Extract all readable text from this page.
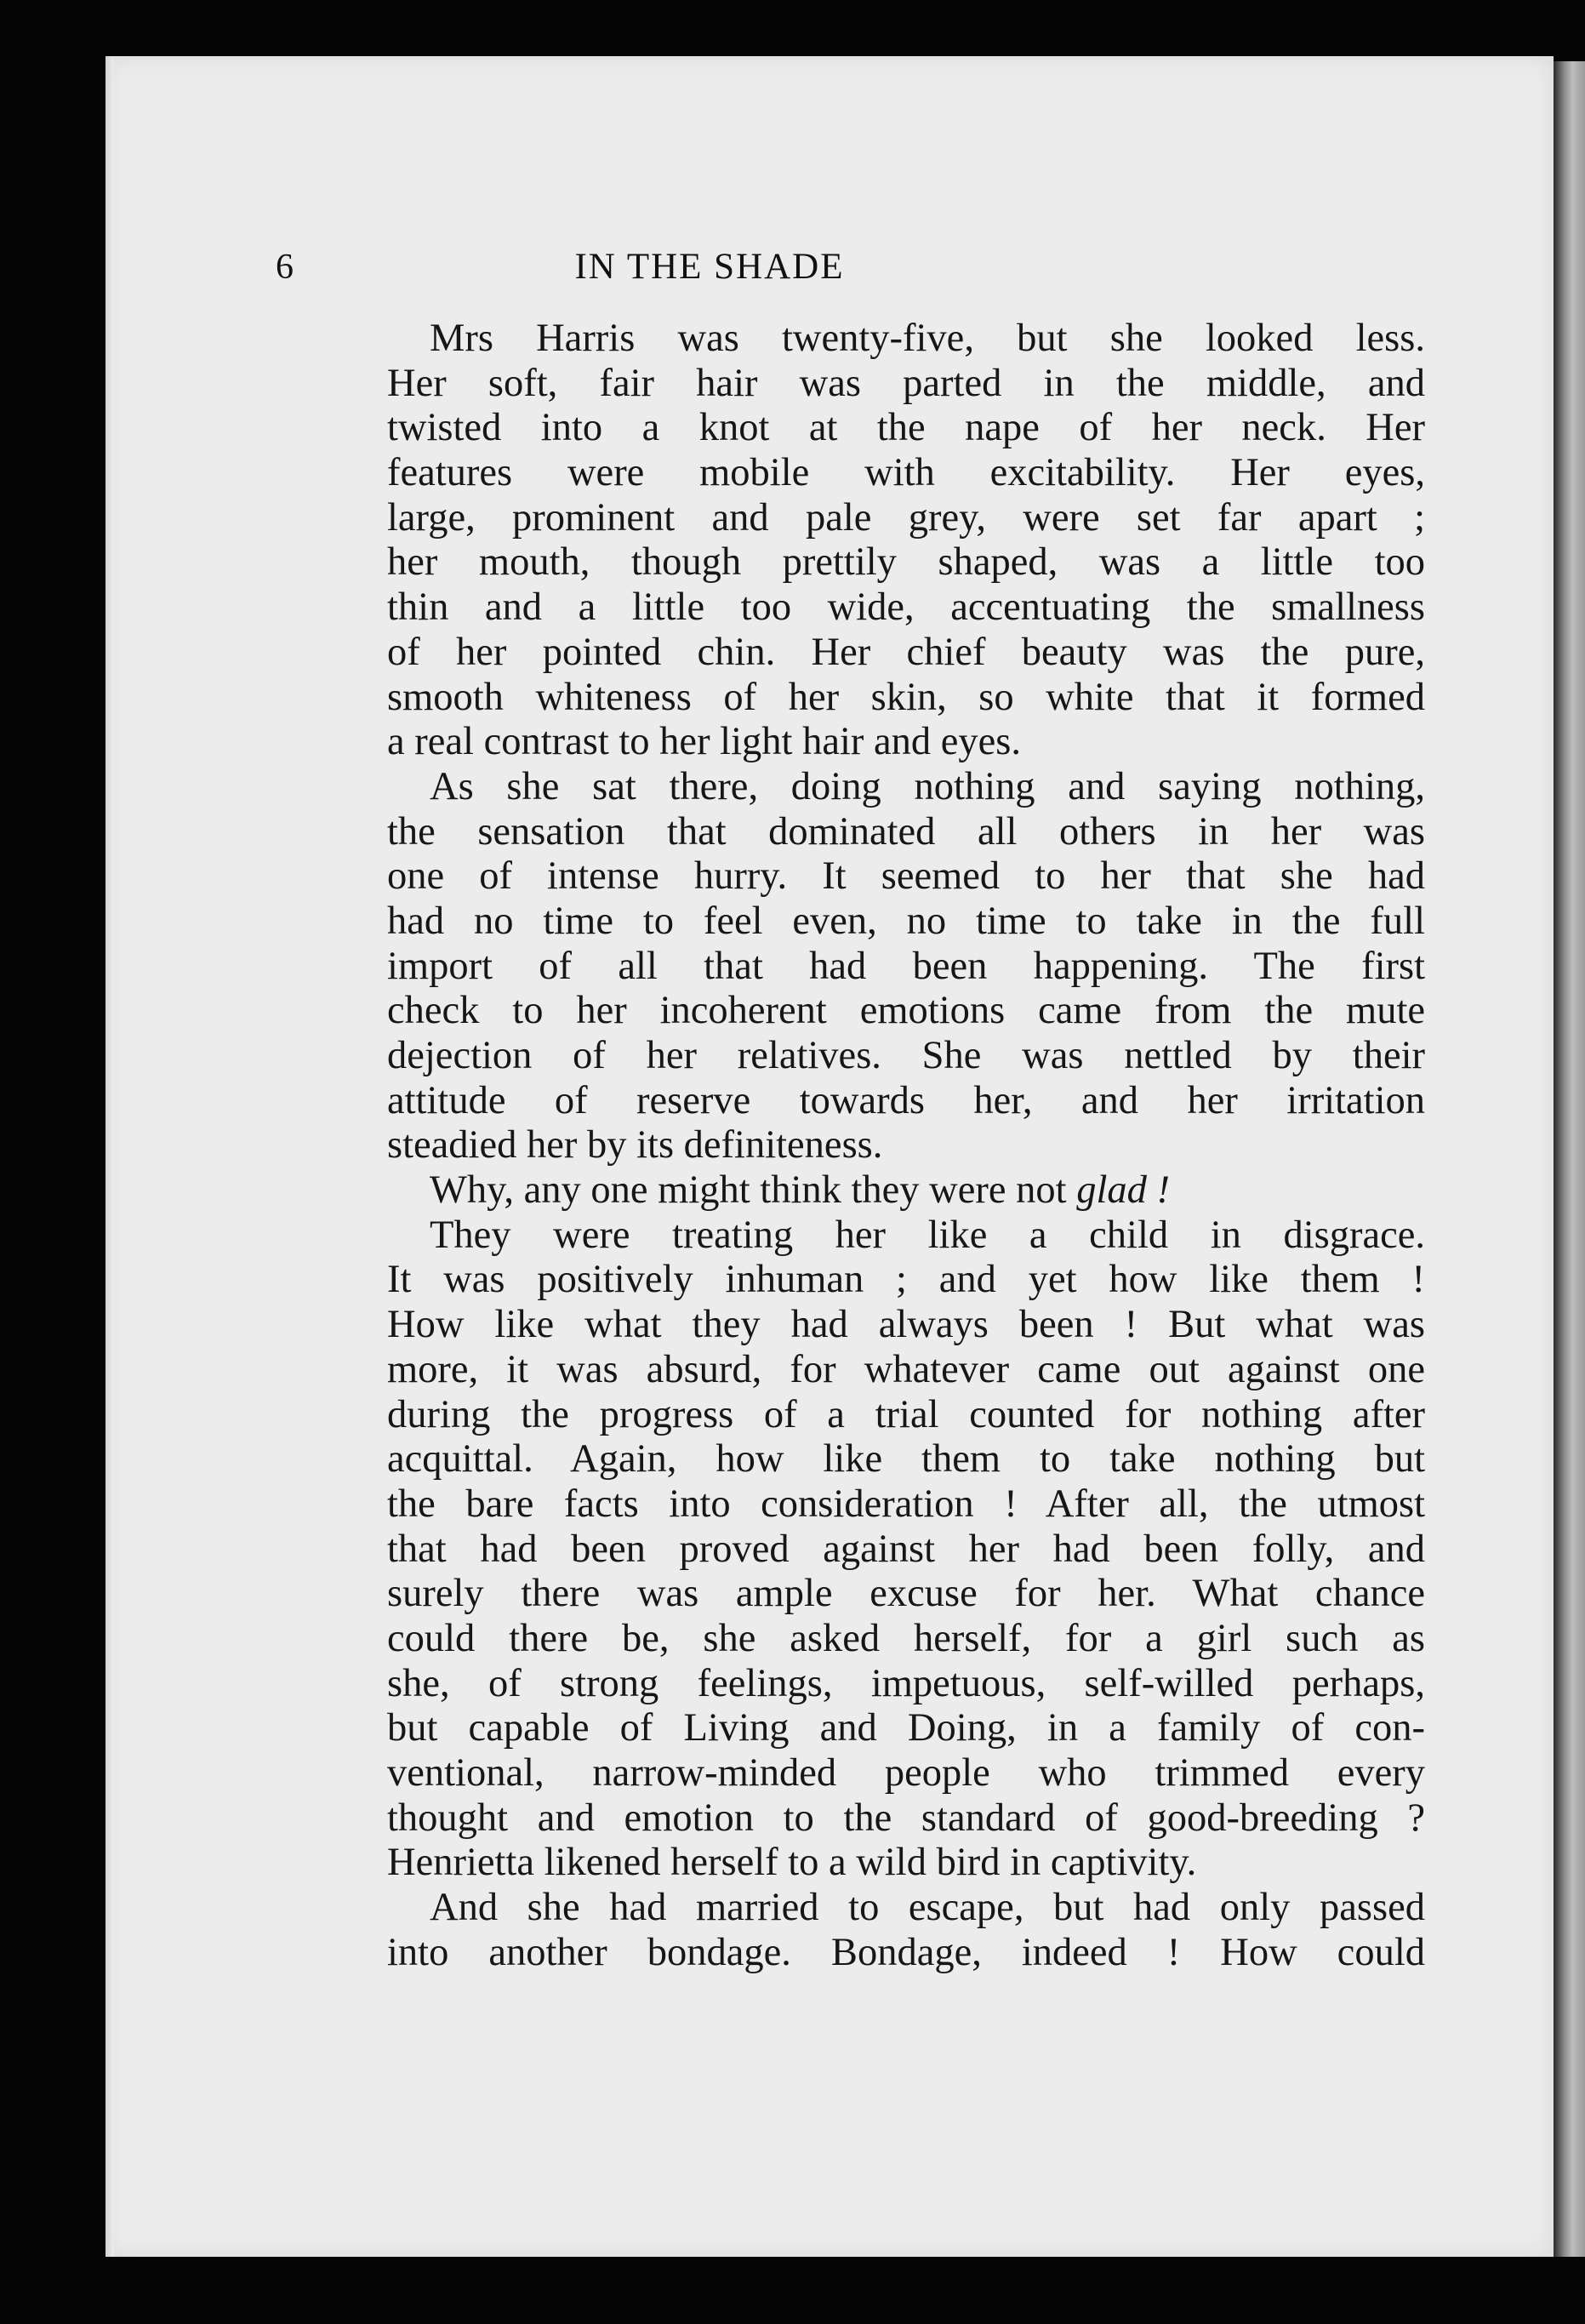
6	IN THE SHADE
Mrs Harris was twenty-five, but she looked less.
Her soft, fair hair was parted in the middle, and
twisted into a knot at the nape of her neck. Her
features were mobile with excitability. Her eyes,
large, prominent and pale grey, were set far apart ;
her mouth, though prettily shaped, was a little too
thin and a little too wide, accentuating the smallness
of her pointed chin. Her chief beauty was the pure,
smooth whiteness of her skin, so white that it formed
a real contrast to her light hair and eyes.
As she sat there, doing nothing and saying nothing,
the sensation that dominated all others in her was
one of intense hurry. It seemed to her that she had
had no time to feel even, no time to take in the full
import of all that had been happening. The first
check to her incoherent emotions came from the mute
dejection of her relatives. She was nettled by their
attitude of reserve towards her, and her irritation
steadied her by its definiteness.
Why, any one might think they were not glad !
They were treating her like a child in disgrace.
It was positively inhuman ; and yet how like them !
How like what they had always been ! But what was
more, it was absurd, for whatever came out against one
during the progress of a trial counted for nothing after
acquittal. Again, how like them to take nothing but
the bare facts into consideration ! After all, the utmost
that had been proved against her had been folly, and
surely there was ample excuse for her. What chance
could there be, she asked herself, for a girl such as
she, of strong feelings, impetuous, self-willed perhaps,
but capable of Living and Doing, in a family of con-
ventional, narrow-minded people who trimmed every
thought and emotion to the standard of good-breeding ?
Henrietta likened herself to a wild bird in captivity.
And she had married to escape, but had only passed
into another bondage. Bondage, indeed ! How could
